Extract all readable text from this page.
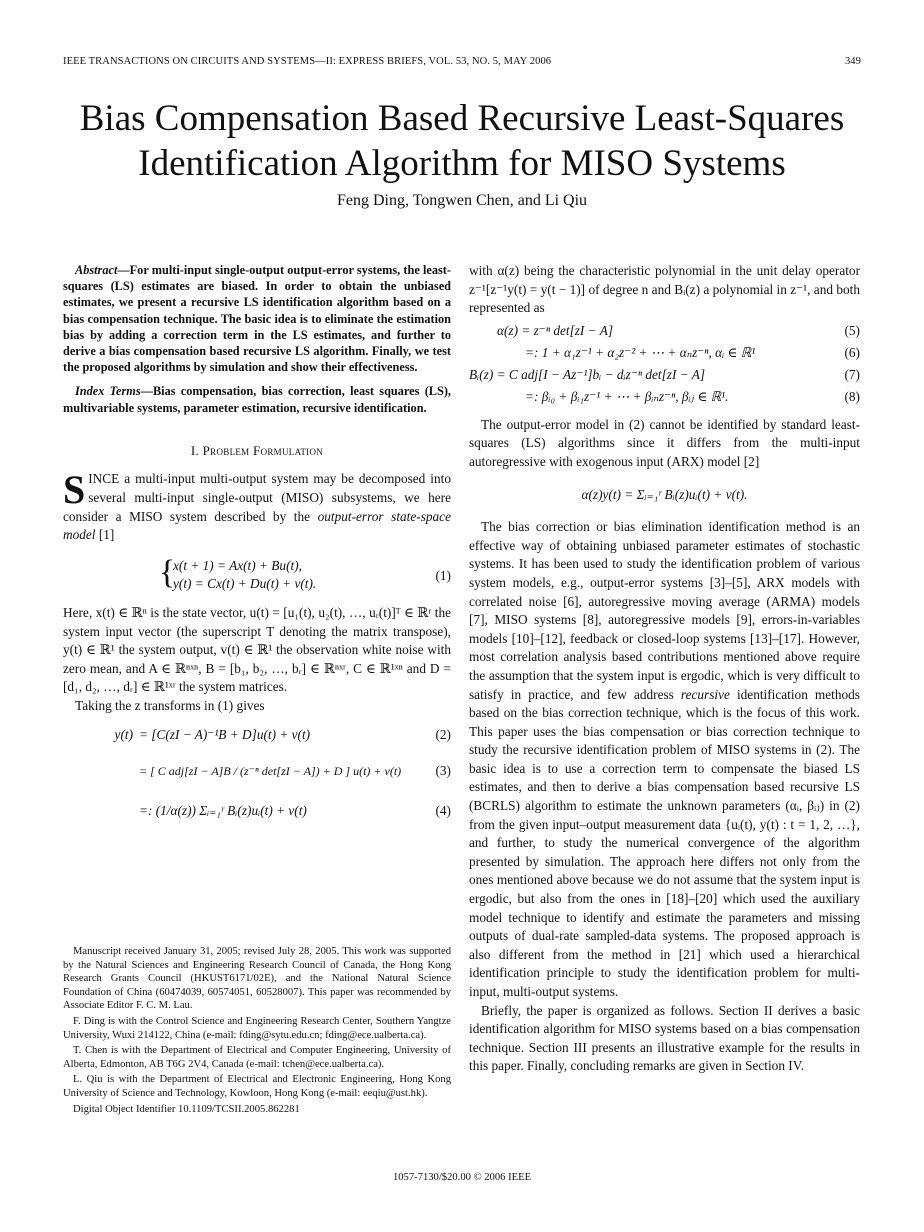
IEEE TRANSACTIONS ON CIRCUITS AND SYSTEMS—II: EXPRESS BRIEFS, VOL. 53, NO. 5, MAY 2006	349
Bias Compensation Based Recursive Least-Squares
Identification Algorithm for MISO Systems
Feng Ding, Tongwen Chen, and Li Qiu

Abstract—For multi-input single-output output-error systems, the least-squares (LS) estimates are biased. In order to obtain the unbiased estimates, we present a recursive LS identification algorithm based on a bias compensation technique. The basic idea is to eliminate the estimation bias by adding a correction term in the LS estimates, and further to derive a bias compensation based recursive LS algorithm. Finally, we test the proposed algorithms by simulation and show their effectiveness.

Index Terms—Bias compensation, bias correction, least squares (LS), multivariable systems, parameter estimation, recursive identification.

I. Problem Formulation

SINCE a multi-input multi-output system may be decomposed into several multi-input single-output (MISO) subsystems, we here consider a MISO system described by the output-error state-space model [1]

{
x(t + 1) = Ax(t) + Bu(t),
y(t) = Cx(t) + Du(t) + v(t).
(1)

Here, x(t) ∈ ℝⁿ is the state vector, u(t) = [u₁(t), u₂(t), …, uᵣ(t)]ᵀ ∈ ℝʳ the system input vector (the superscript T denoting the matrix transpose), y(t) ∈ ℝ¹ the system output, v(t) ∈ ℝ¹ the observation white noise with zero mean, and A ∈ ℝⁿˣⁿ, B = [b₁, b₂, …, bᵣ] ∈ ℝⁿˣʳ, C ∈ ℝ¹ˣⁿ and D = [d₁, d₂, …, dᵣ] ∈ ℝ¹ˣʳ the system matrices.

Taking the z transforms in (1) gives

y(t) = [C(zI − A)⁻¹B + D]u(t) + v(t)	(2)
= [ C adj[zI − A]B / (z⁻ⁿ det[zI − A]) + D ] u(t) + v(t)	(3)
=: (1/α(z)) Σᵢ₌₁ʳ Bᵢ(z)uᵢ(t) + v(t)	(4)

Manuscript received January 31, 2005; revised July 28, 2005. This work was supported by the Natural Sciences and Engineering Research Council of Canada, the Hong Kong Research Grants Council (HKUST6171/02E), and the National Natural Science Foundation of China (60474039, 60574051, 60528007). This paper was recommended by Associate Editor F. C. M. Lau.

F. Ding is with the Control Science and Engineering Research Center, Southern Yangtze University, Wuxi 214122, China (e-mail: fding@sytu.edu.cn; fding@ece.ualberta.ca).

T. Chen is with the Department of Electrical and Computer Engineering, University of Alberta, Edmonton, AB T6G 2V4, Canada (e-mail: tchen@ece.ualberta.ca).

L. Qiu is with the Department of Electrical and Electronic Engineering, Hong Kong University of Science and Technology, Kowloon, Hong Kong (e-mail: eeqiu@ust.hk).

Digital Object Identifier 10.1109/TCSII.2005.862281

with α(z) being the characteristic polynomial in the unit delay operator z⁻¹[z⁻¹y(t) = y(t − 1)] of degree n and Bᵢ(z) a polynomial in z⁻¹, and both represented as

α(z) = z⁻ⁿ det[zI − A]	(5)
=: 1 + α₁z⁻¹ + α₂z⁻² + ⋯ + αₙz⁻ⁿ, αᵢ ∈ ℝ¹	(6)
Bᵢ(z) = C adj[I − Az⁻¹]bᵢ − dᵢz⁻ⁿ det[zI − A]	(7)
=: βᵢ₀ + βᵢ₁z⁻¹ + ⋯ + βᵢₙz⁻ⁿ, βᵢⱼ ∈ ℝ¹.	(8)

The output-error model in (2) cannot be identified by standard least-squares (LS) algorithms since it differs from the multi-input autoregressive with exogenous input (ARX) model [2]

α(z)y(t) = Σᵢ₌₁ʳ Bᵢ(z)uᵢ(t) + v(t).

The bias correction or bias elimination identification method is an effective way of obtaining unbiased parameter estimates of stochastic systems. It has been used to study the identification problem of various system models, e.g., output-error systems [3]–[5], ARX models with correlated noise [6], autoregressive moving average (ARMA) models [7], MISO systems [8], autoregressive models [9], errors-in-variables models [10]–[12], feedback or closed-loop systems [13]–[17]. However, most correlation analysis based contributions mentioned above require the assumption that the system input is ergodic, which is very difficult to satisfy in practice, and few address recursive identification methods based on the bias correction technique, which is the focus of this work. This paper uses the bias compensation or bias correction technique to study the recursive identification problem of MISO systems in (2). The basic idea is to use a correction term to compensate the biased LS estimates, and then to derive a bias compensation based recursive LS (BCRLS) algorithm to estimate the unknown parameters (αᵢ, βᵢⱼ) in (2) from the given input–output measurement data {uᵢ(t), y(t) : t = 1, 2, …}, and further, to study the numerical convergence of the algorithm presented by simulation. The approach here differs not only from the ones mentioned above because we do not assume that the system input is ergodic, but also from the ones in [18]–[20] which used the auxiliary model technique to identify and estimate the parameters and missing outputs of dual-rate sampled-data systems. The proposed approach is also different from the method in [21] which used a hierarchical identification principle to study the identification problem for multi-input, multi-output systems.

Briefly, the paper is organized as follows. Section II derives a basic identification algorithm for MISO systems based on a bias compensation technique. Section III presents an illustrative example for the results in this paper. Finally, concluding remarks are given in Section IV.

1057-7130/$20.00 © 2006 IEEE
